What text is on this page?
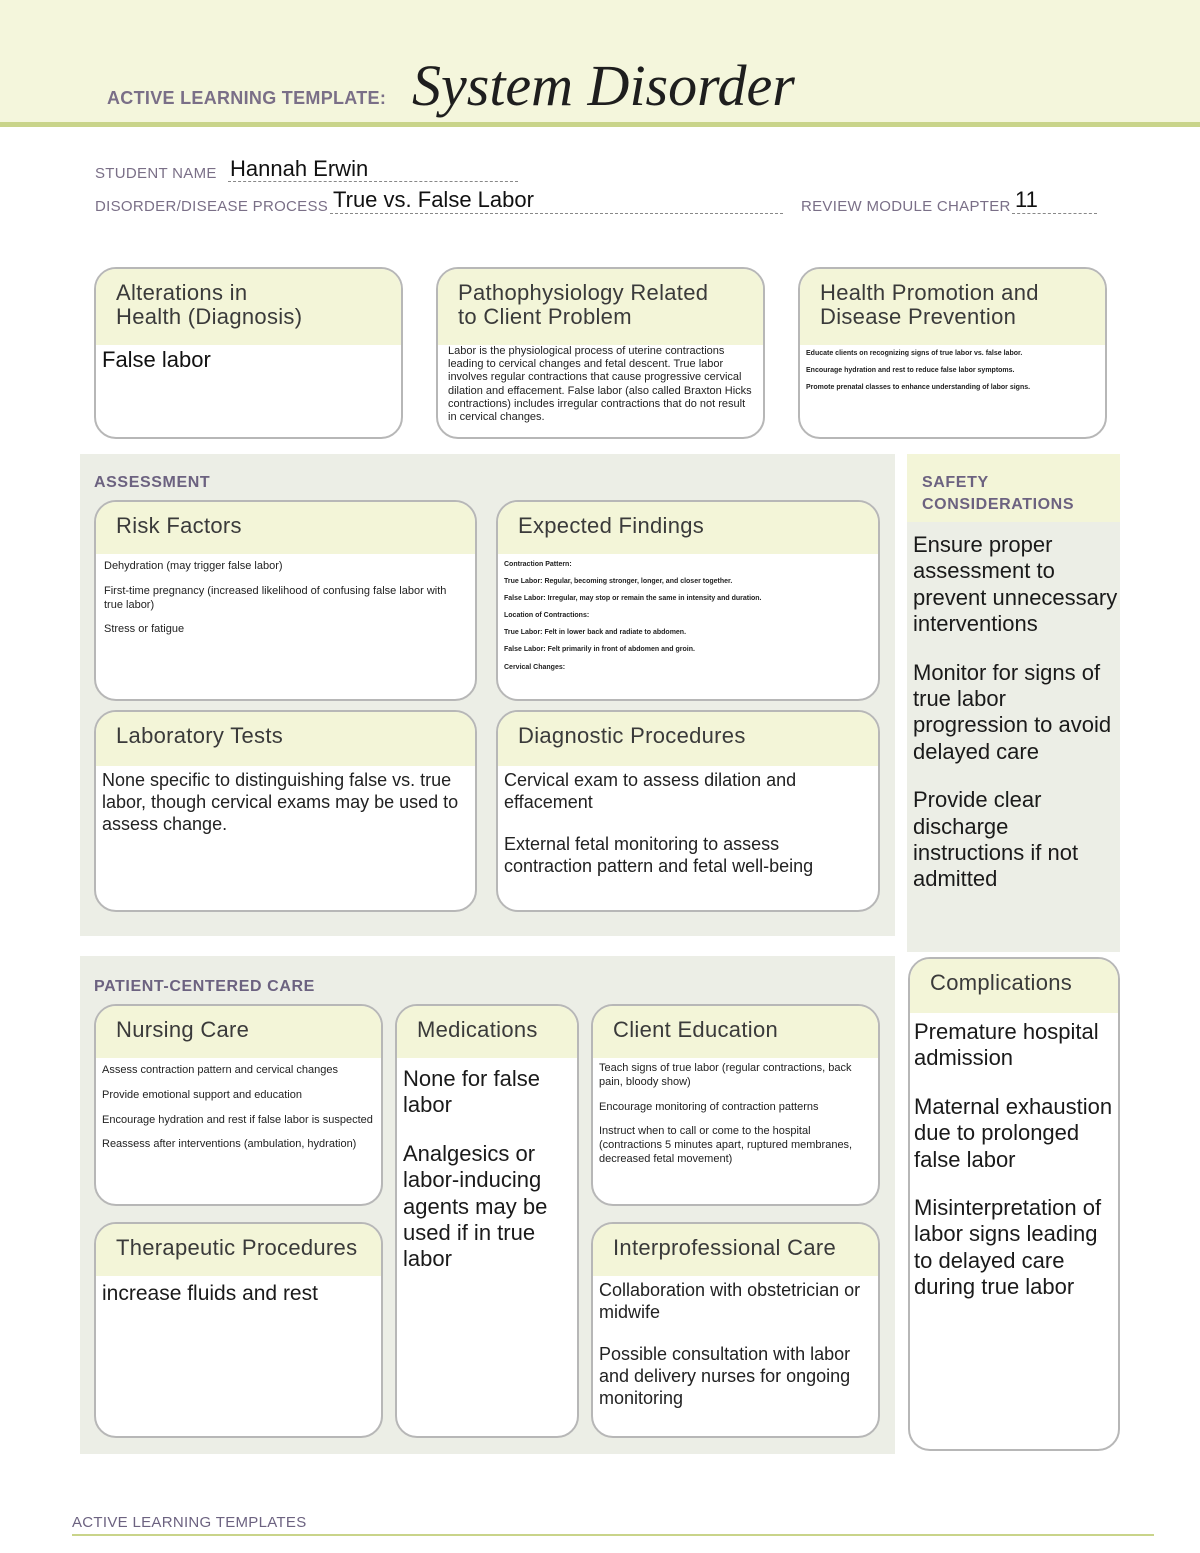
ACTIVE LEARNING TEMPLATE: System Disorder
STUDENT NAME Hannah Erwin
DISORDER/DISEASE PROCESS True vs. False Labor	REVIEW MODULE CHAPTER 11
Alterations in
Health (Diagnosis)
False labor
Pathophysiology Related
to Client Problem
Labor is the physiological process of uterine contractions leading to cervical changes and fetal descent. True labor involves regular contractions that cause progressive cervical dilation and effacement. False labor (also called Braxton Hicks contractions) includes irregular contractions that do not result in cervical changes.
Health Promotion and
Disease Prevention

Educate clients on recognizing signs of true labor vs. false labor.

Encourage hydration and rest to reduce false labor symptoms.

Promote prenatal classes to enhance understanding of labor signs.

ASSESSMENT
Risk Factors

Dehydration (may trigger false labor)

First-time pregnancy (increased likelihood of confusing false labor with true labor)

Stress or fatigue

Expected Findings

Contraction Pattern:

True Labor: Regular, becoming stronger, longer, and closer together.

False Labor: Irregular, may stop or remain the same in intensity and duration.

Location of Contractions:

True Labor: Felt in lower back and radiate to abdomen.

False Labor: Felt primarily in front of abdomen and groin.

Cervical Changes:

Laboratory Tests

None specific to distinguishing false vs. true labor, though cervical exams may be used to assess change.

Diagnostic Procedures

Cervical exam to assess dilation and effacement

External fetal monitoring to assess contraction pattern and fetal well-being

SAFETY
CONSIDERATIONS

Ensure proper assessment to prevent unnecessary interventions

Monitor for signs of true labor progression to avoid delayed care

Provide clear discharge instructions if not admitted

PATIENT-CENTERED CARE
Nursing Care

Assess contraction pattern and cervical changes

Provide emotional support and education

Encourage hydration and rest if false labor is suspected

Reassess after interventions (ambulation, hydration)

Medications

None for false labor

Analgesics or labor-inducing agents may be used if in true labor

Client Education

Teach signs of true labor (regular contractions, back pain, bloody show)

Encourage monitoring of contraction patterns

Instruct when to call or come to the hospital (contractions 5 minutes apart, ruptured membranes, decreased fetal movement)

Therapeutic Procedures

increase fluids and rest

Interprofessional Care

Collaboration with obstetrician or midwife

Possible consultation with labor and delivery nurses for ongoing monitoring

Complications

Premature hospital admission

Maternal exhaustion due to prolonged false labor

Misinterpretation of labor signs leading to delayed care during true labor

ACTIVE LEARNING TEMPLATES
